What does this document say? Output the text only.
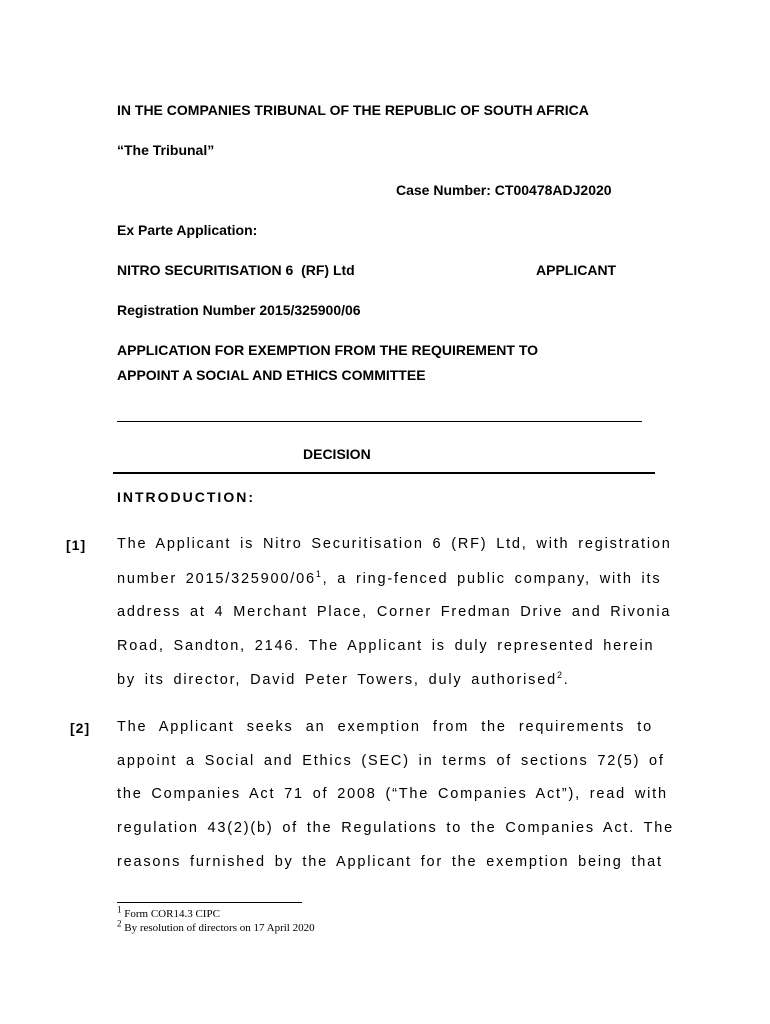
IN THE COMPANIES TRIBUNAL OF THE REPUBLIC OF SOUTH AFRICA
“The Tribunal”
Case Number: CT00478ADJ2020
Ex Parte Application:
NITRO SECURITISATION 6  (RF) Ltd	APPLICANT
Registration Number 2015/325900/06
APPLICATION FOR EXEMPTION FROM THE REQUIREMENT TO
APPOINT A SOCIAL AND ETHICS COMMITTEE
DECISION
INTRODUCTION:
[1] The Applicant is Nitro Securitisation 6 (RF) Ltd, with registration
number $2015/325900/06^1$, a ring-fenced public company, with its
address at 4 Merchant Place, Corner Fredman Drive and Rivonia
Road, Sandton, 2146. The Applicant is duly represented herein
by its director, David Peter Towers, duly authorised$^2$.
[2] The Applicant seeks an exemption from the requirements to
appoint a Social and Ethics (SEC) in terms of sections 72(5) of
the Companies Act 71 of 2008 (“The Companies Act”), read with
regulation 43(2)(b) of the Regulations to the Companies Act. The
reasons furnished by the Applicant for the exemption being that
$^1$ Form COR14.3 CIPC
$^2$ By resolution of directors on 17 April 2020
